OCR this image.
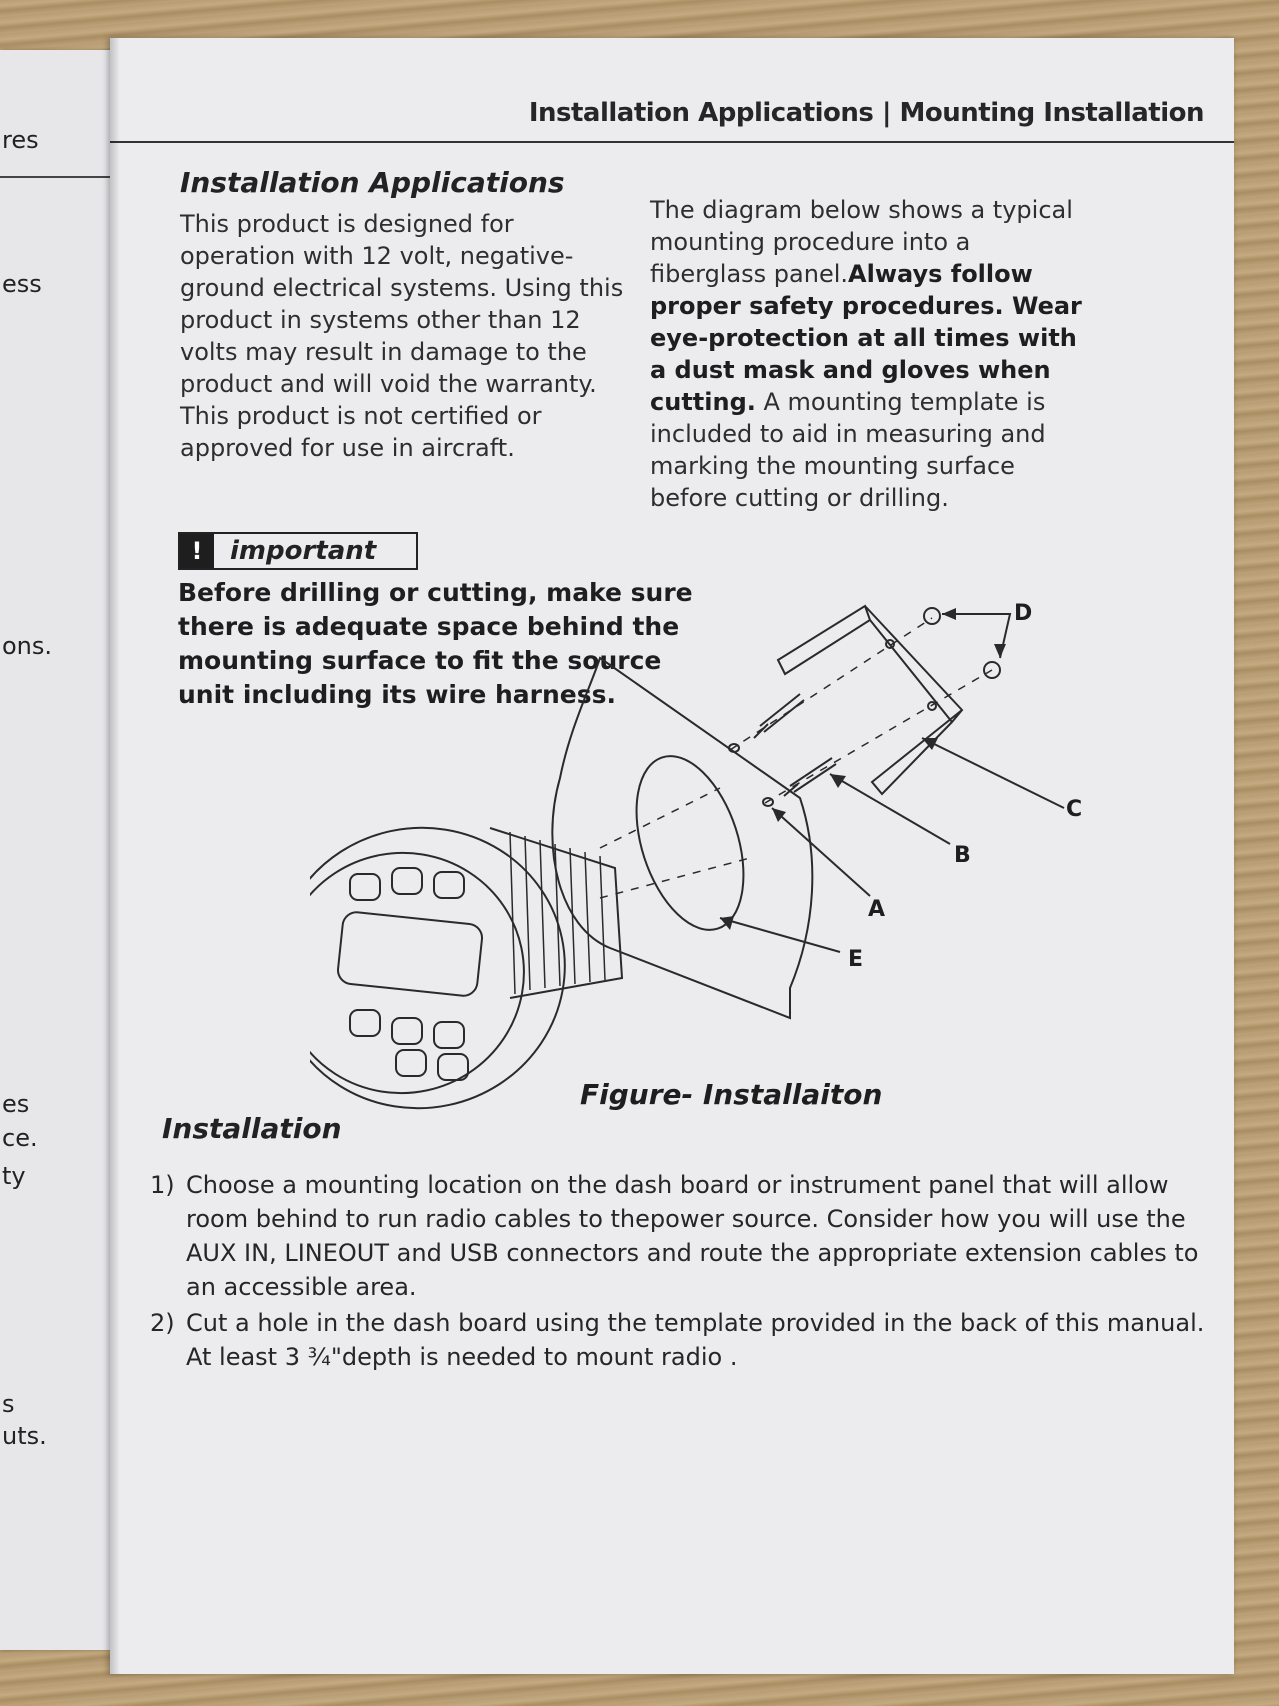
res
ess
ons.
es
ce.
ty
s
uts.
Installation Applications | Mounting Installation
Installation Applications
This product is designed for operation with 12 volt, negative-ground electrical systems. Using this product in systems other than 12 volts may result in damage to the product and will void the warranty. This product is not certified or approved for use in aircraft.
The diagram below shows a typical mounting procedure into a fiberglass panel.Always follow proper safety procedures. Wear eye-protection at all times with a dust mask and gloves when cutting. A mounting template is included to aid in measuring and marking the mounting surface before cutting or drilling.
!	important
Before drilling or cutting, make sure there is adequate space behind the mounting surface to fit the source unit including its wire harness.
A
B
C
D
E
Figure- Installaiton
Installation
1) Choose a mounting location on the dash board or instrument panel that will allow room behind to run radio cables to thepower source. Consider how you will use the AUX IN, LINEOUT and USB connectors and route the appropriate extension cables to an accessible area.
2) Cut a hole in the dash board using the template provided in the back of this manual. At least 3 ¾"depth is needed to mount radio .
